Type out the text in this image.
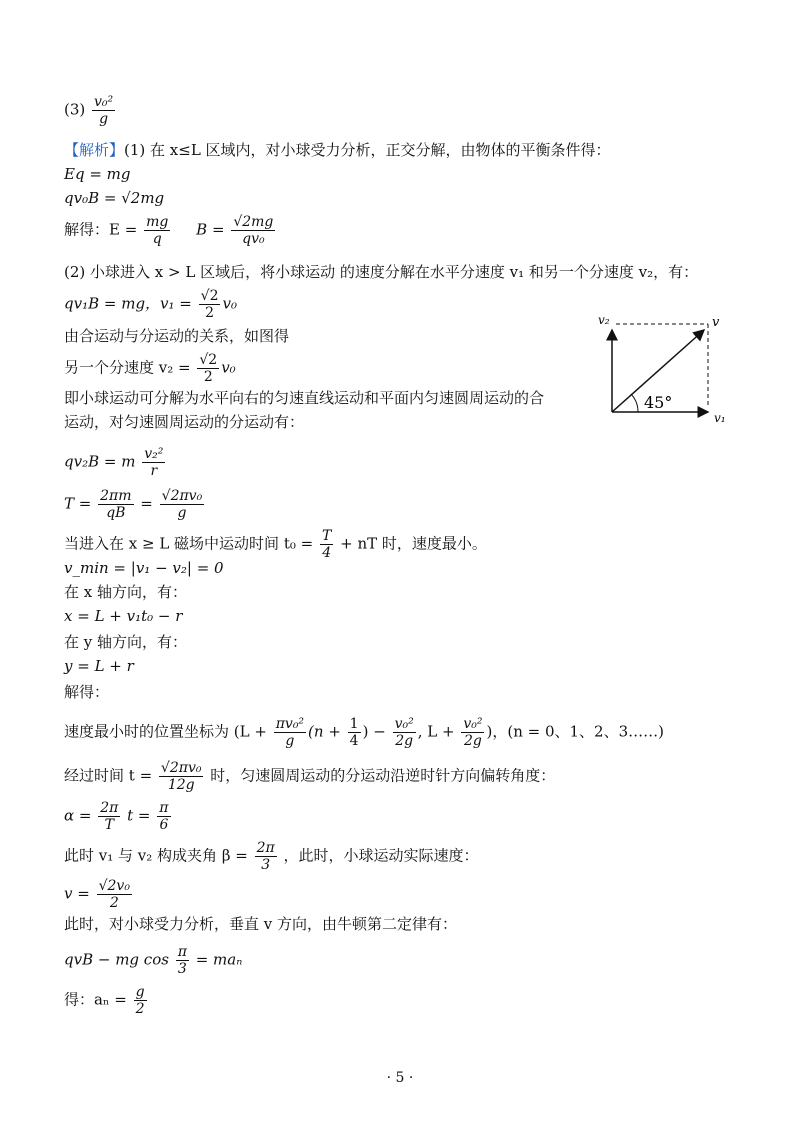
$(3) \frac{\text{v₀²}}{g}$
【解析】(1) 在 x≤L 区域内，对小球受力分析，正交分解，由物体的平衡条件得：
Eq = mg
qv₀B = √2mg
解得：$E = \frac{mg}{q}$ $B = \frac{√2mg}{\text{qv₀}}$
(2) 小球进入 x > L 区域后，将小球运动 的速度分解在水平分速度 v₁ 和另一个分速度 v₂，有：
qv₁B = mg，$v_1 = \frac{√2}{2} v_0$
由合运动与分运动的关系，如图得
另一个分速度 $v_2 = \frac{√2}{2} v_0$
即小球运动可分解为水平向右的匀速直线运动和平面内匀速圆周运动的合
运动，对匀速圆周运动的分运动有：
qv₂B = m $\frac{\text{v₂²}}{r}$
$T = \frac{2\pi m}{qB} = \frac{\text{√2πv₀}}{g}$
当进入在 x ≥ L 磁场中运动时间 $t_0 = \frac{T}{4}$ + nT 时，速度最小。
v_min = |v₁ − v₂| = 0
在 x 轴方向，有：
x = L + v₁t₀ − r
在 y 轴方向，有：
y = L + r
解得：
速度最小时的位置坐标为 ($L + \frac{\text{πv₀²}}{g} (n + \frac{1}{4}$ ) − $\frac{\text{v₀²}}{2g}$ , $L + \frac{\text{v₀²}}{2g}$ )，(n = 0、1、2、3……)
经过时间 $t = \frac{\text{√2πv₀}}{12g}$ 时，匀速圆周运动的分运动沿逆时针方向偏转角度：
$\alpha = \frac{2\pi}{T}$ $t = \frac{\pi}{6}$
此时 v₁ 与 v₂ 构成夹角 $\beta = \frac{2\pi}{3}$ ，此时，小球运动实际速度：
$v = \frac{\text{√2v₀}}{2}$
此时，对小球受力分析，垂直 v 方向，由牛顿第二定律有：
qvB − mg $\cos \frac{\pi}{3} = ma_n$
得：$a_n = \frac{g}{2}$
v₂	v
v₁
45°
· 5 ·
